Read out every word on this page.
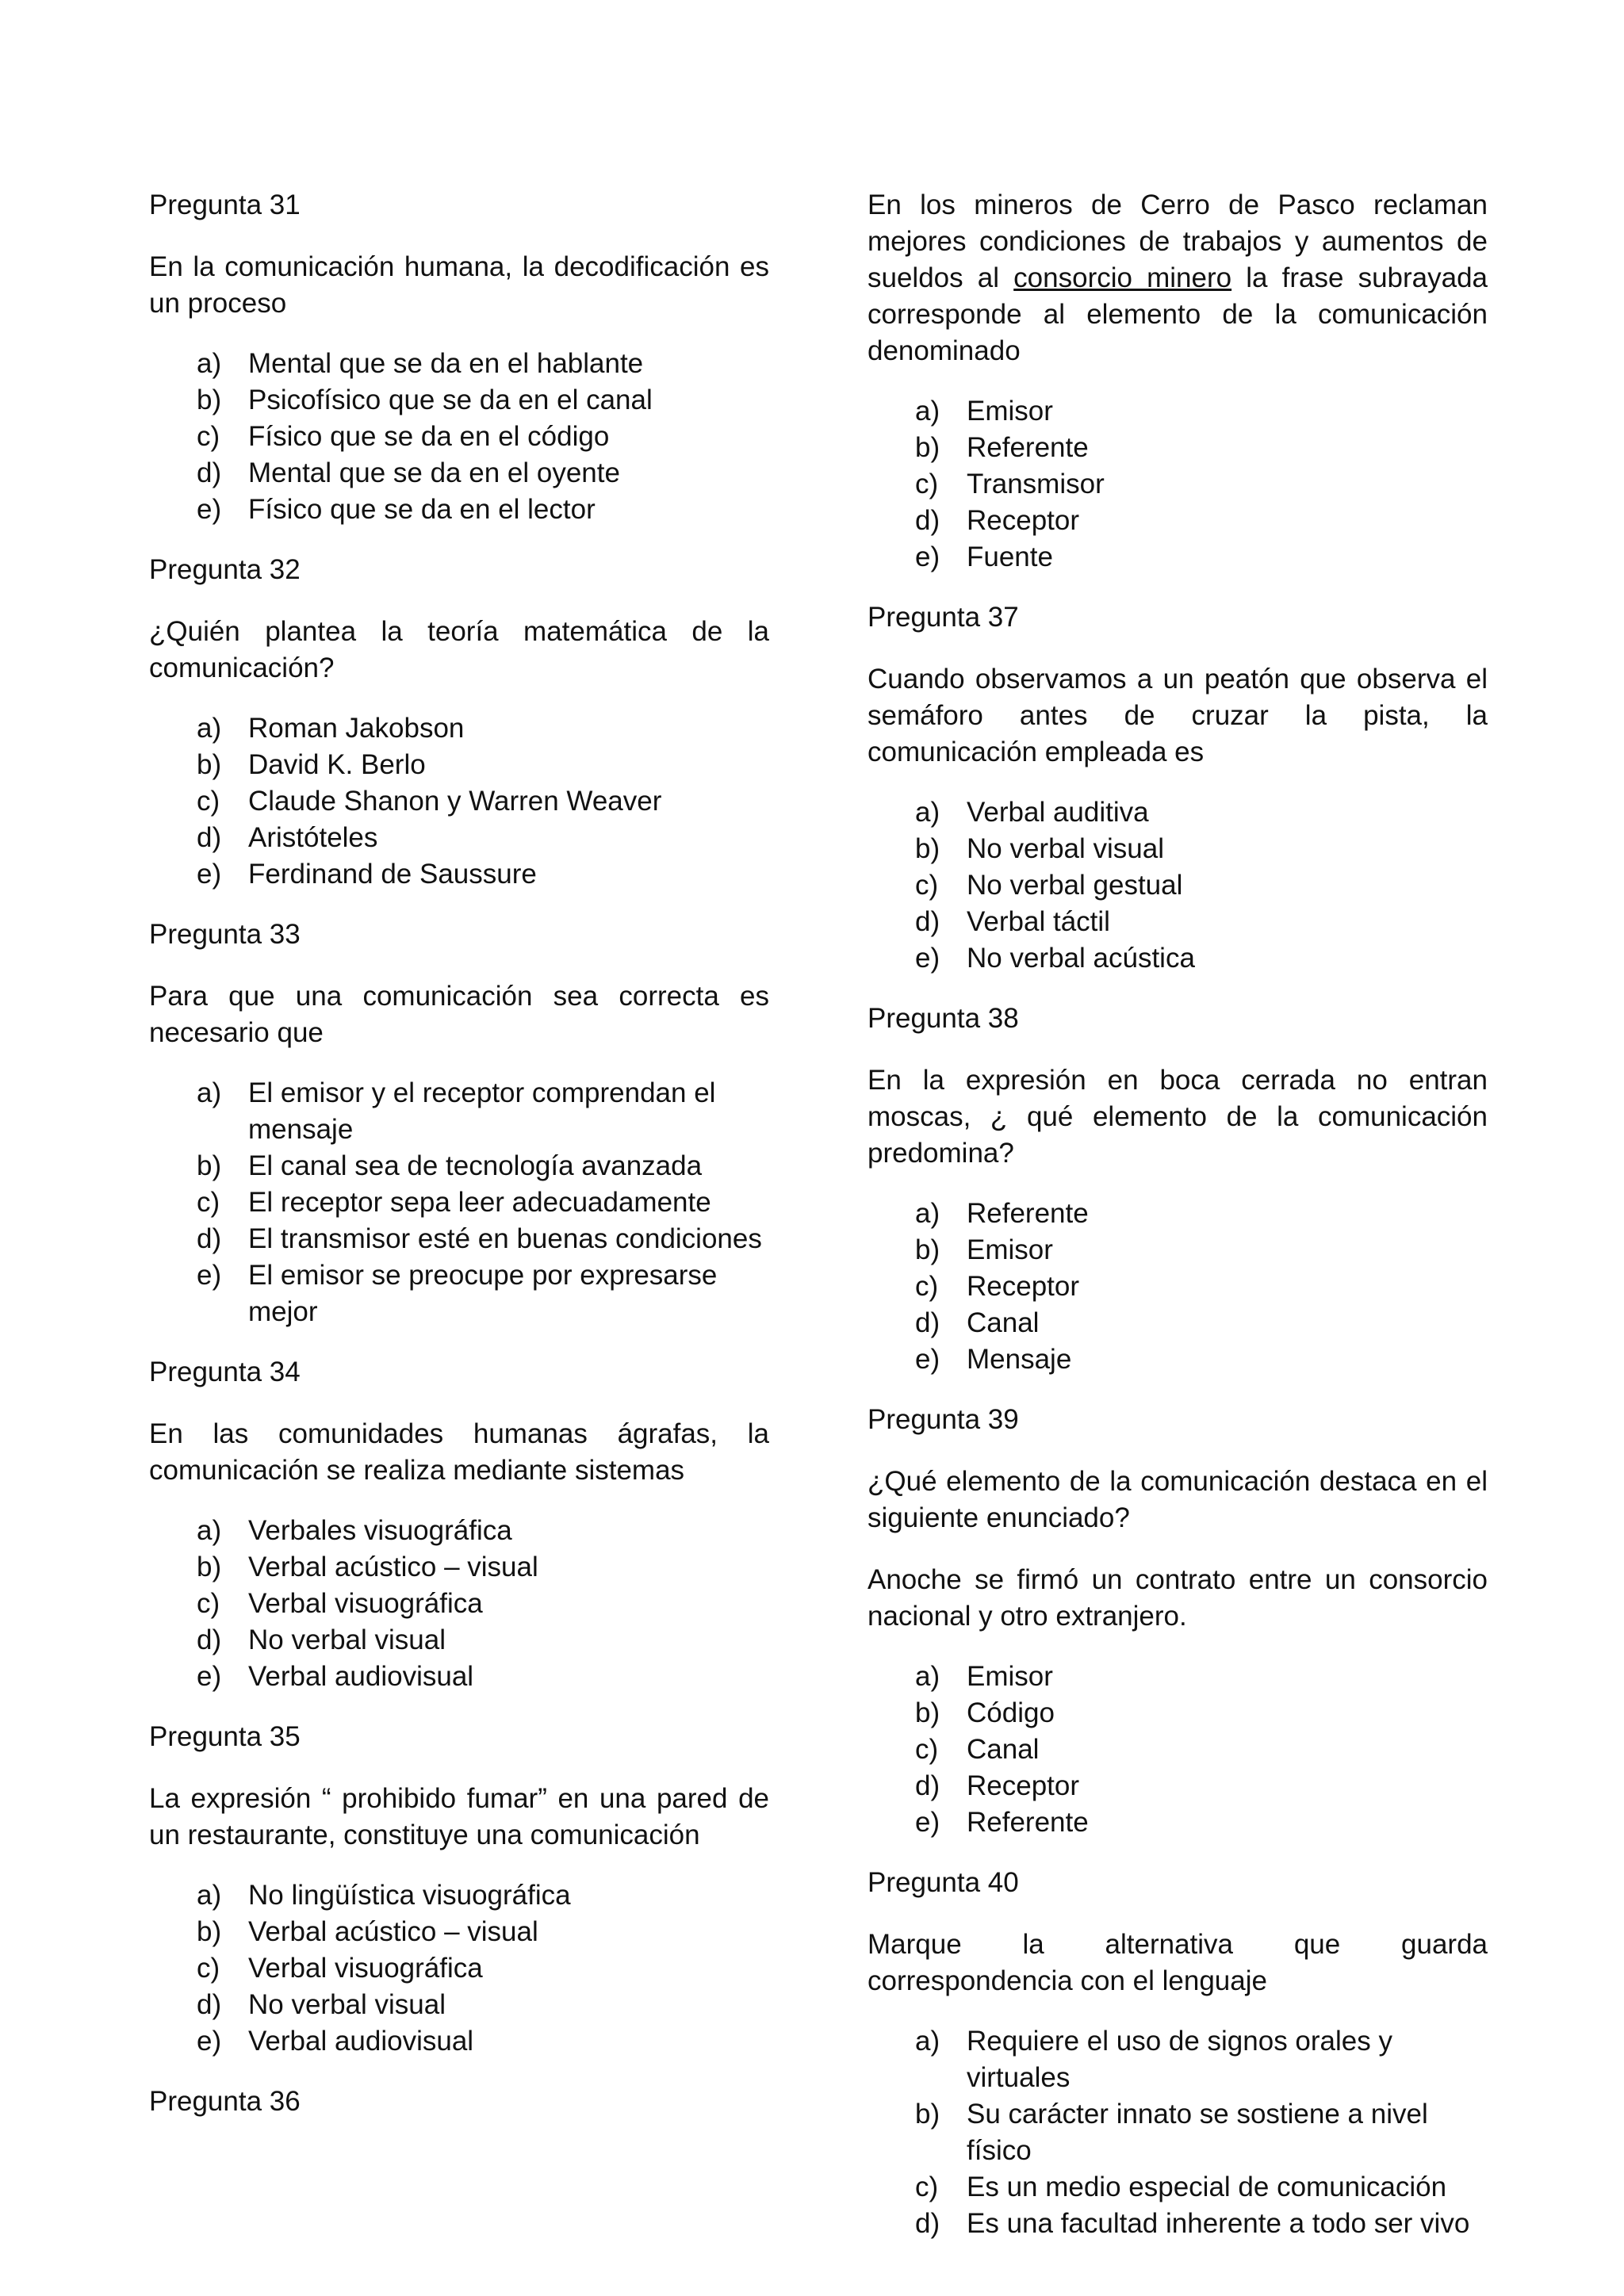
Pregunta 31

En la comunicación humana, la decodificación es un proceso

a) Mental que se da en el hablante
b) Psicofísico que se da en el canal
c) Físico que se da en el código
d) Mental que se da en el oyente
e) Físico que se da en el lector

Pregunta 32

¿Quién plantea la teoría matemática de la comunicación?

a) Roman Jakobson
b) David K. Berlo
c) Claude Shanon y Warren Weaver
d) Aristóteles
e) Ferdinand de Saussure

Pregunta 33

Para que una comunicación sea correcta es necesario que

a) El emisor y el receptor comprendan el mensaje
b) El canal sea de tecnología avanzada
c) El receptor sepa leer adecuadamente
d) El transmisor esté en buenas condiciones
e) El emisor se preocupe por expresarse mejor

Pregunta 34

En las comunidades humanas ágrafas, la comunicación se realiza mediante sistemas

a) Verbales visuográfica
b) Verbal acústico – visual
c) Verbal visuográfica
d) No verbal visual
e) Verbal audiovisual

Pregunta 35

La expresión “ prohibido fumar” en una pared de un restaurante, constituye una comunicación

a) No lingüística visuográfica
b) Verbal acústico – visual
c) Verbal visuográfica
d) No verbal visual
e) Verbal audiovisual

Pregunta 36

En los mineros de Cerro de Pasco reclaman mejores condiciones de trabajos y aumentos de sueldos al consorcio minero la frase subrayada corresponde al elemento de la comunicación denominado

a) Emisor
b) Referente
c) Transmisor
d) Receptor
e) Fuente

Pregunta 37

Cuando observamos a un peatón que observa el semáforo antes de cruzar la pista, la comunicación empleada es

a) Verbal auditiva
b) No verbal visual
c) No verbal gestual
d) Verbal táctil
e) No verbal acústica

Pregunta 38

En la expresión en boca cerrada no entran moscas, ¿ qué elemento de la comunicación predomina?

a) Referente
b) Emisor
c) Receptor
d) Canal
e) Mensaje

Pregunta 39

¿Qué elemento de la comunicación destaca en el siguiente enunciado?

Anoche se firmó un contrato entre un consorcio nacional y otro extranjero.

a) Emisor
b) Código
c) Canal
d) Receptor
e) Referente

Pregunta 40

Marque la alternativa que guarda correspondencia con el lenguaje

a) Requiere el uso de signos orales y virtuales
b) Su carácter innato se sostiene a nivel físico
c) Es un medio especial de comunicación
d) Es una facultad inherente a todo ser vivo
